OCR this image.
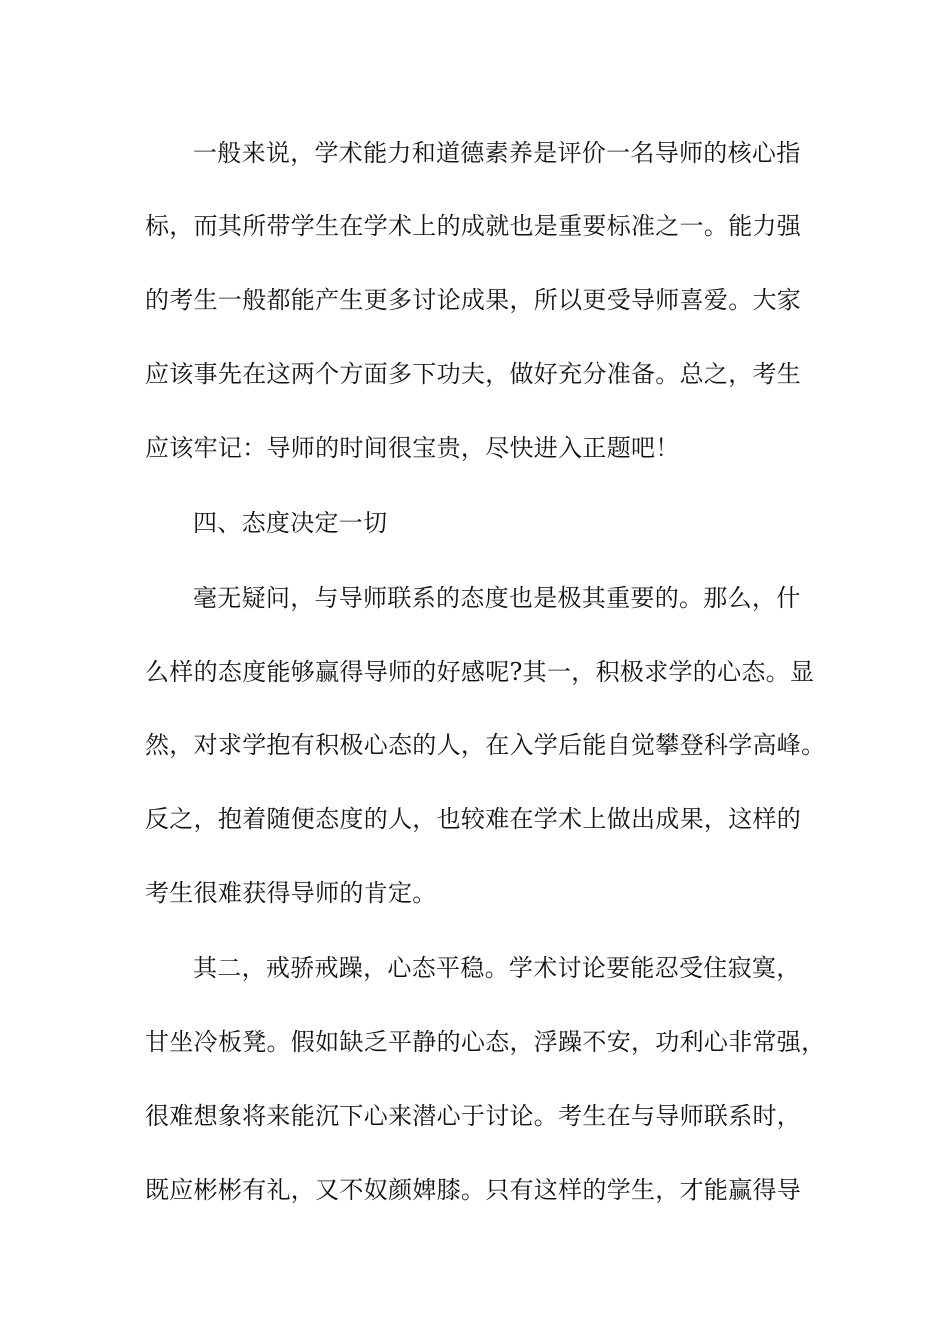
一般来说，学术能力和道德素养是评价一名导师的核心指

标，而其所带学生在学术上的成就也是重要标准之一。能力强

的考生一般都能产生更多讨论成果，所以更受导师喜爱。大家

应该事先在这两个方面多下功夫，做好充分准备。总之，考生

应该牢记：导师的时间很宝贵，尽快进入正题吧！

四、态度决定一切

毫无疑问，与导师联系的态度也是极其重要的。那么，什

么样的态度能够赢得导师的好感呢?其一，积极求学的心态。显

然，对求学抱有积极心态的人，在入学后能自觉攀登科学高峰。

反之，抱着随便态度的人，也较难在学术上做出成果，这样的

考生很难获得导师的肯定。

其二，戒骄戒躁，心态平稳。学术讨论要能忍受住寂寞，

甘坐冷板凳。假如缺乏平静的心态，浮躁不安，功利心非常强，

很难想象将来能沉下心来潜心于讨论。考生在与导师联系时，

既应彬彬有礼，又不奴颜婢膝。只有这样的学生，才能赢得导
